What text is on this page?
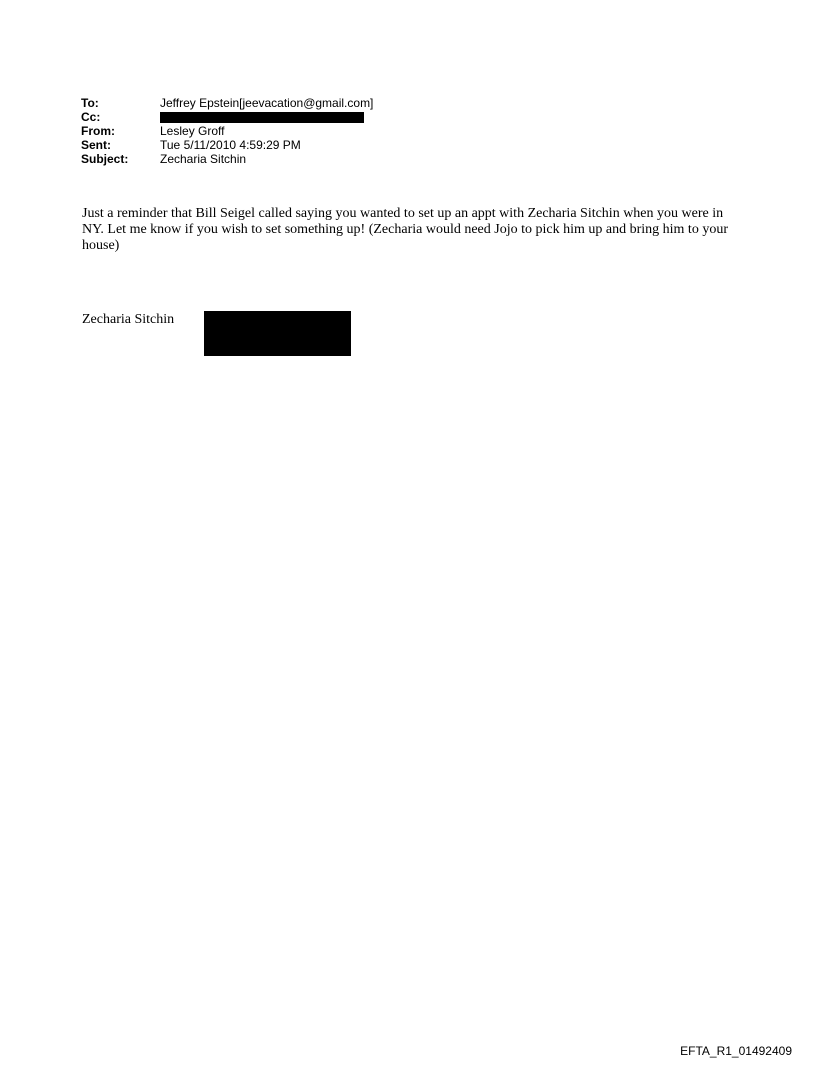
To:	Jeffrey Epstein[jeevacation@gmail.com]
Cc:
From:	Lesley Groff
Sent:	Tue 5/11/2010 4:59:29 PM
Subject:	Zecharia Sitchin
Just a reminder that Bill Seigel called saying you wanted to set up an appt with Zecharia Sitchin when you were in NY. Let me know if you wish to set something up! (Zecharia would need Jojo to pick him up and bring him to your house)
Zecharia Sitchin
EFTA_R1_01492409
